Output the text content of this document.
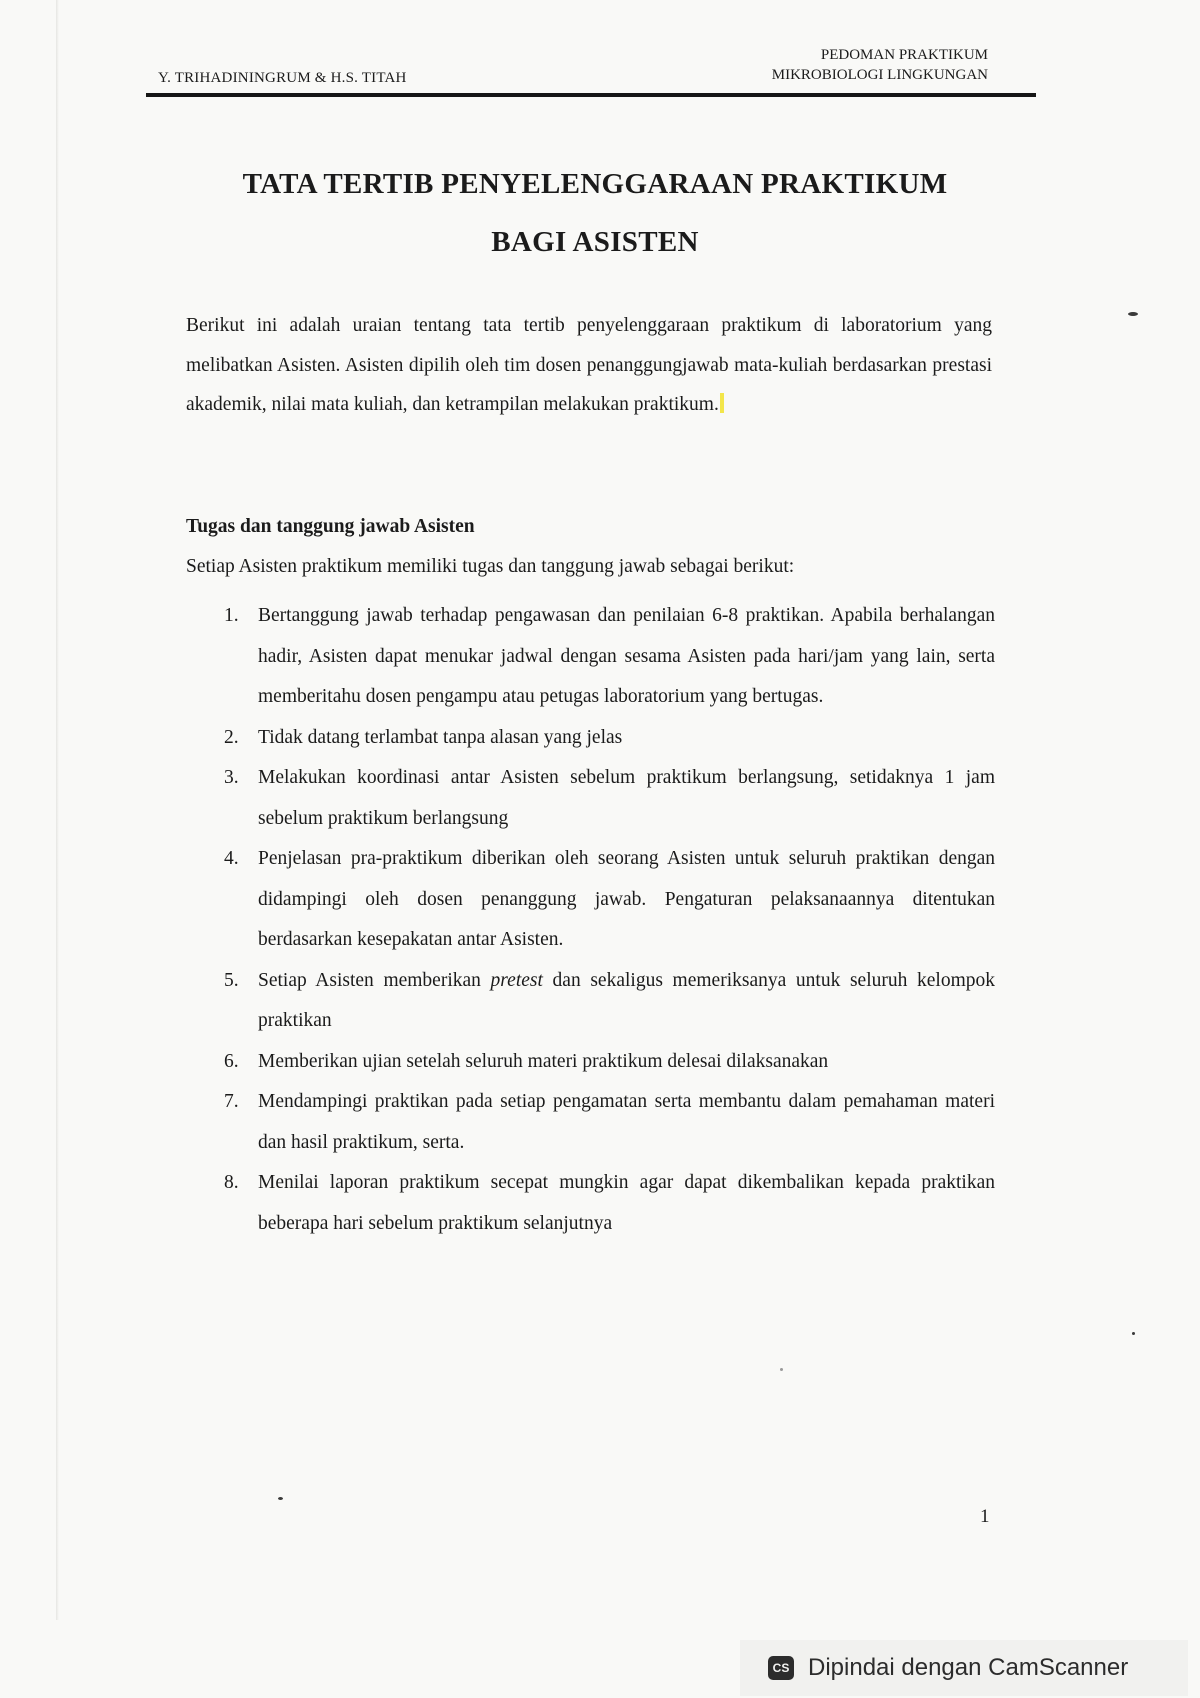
Y. TRIHADININGRUM & H.S. TITAH
PEDOMAN PRAKTIKUM
MIKROBIOLOGI LINGKUNGAN
TATA TERTIB PENYELENGGARAAN PRAKTIKUM
BAGI ASISTEN
Berikut ini adalah uraian tentang tata tertib penyelenggaraan praktikum di laboratorium yang melibatkan Asisten. Asisten dipilih oleh tim dosen penanggungjawab mata-kuliah berdasarkan prestasi akademik, nilai mata kuliah, dan ketrampilan melakukan praktikum.
Tugas dan tanggung jawab Asisten
Setiap Asisten praktikum memiliki tugas dan tanggung jawab sebagai berikut:
1. Bertanggung jawab terhadap pengawasan dan penilaian 6-8 praktikan. Apabila berhalangan hadir, Asisten dapat menukar jadwal dengan sesama Asisten pada hari/jam yang lain, serta memberitahu dosen pengampu atau petugas laboratorium yang bertugas.
2. Tidak datang terlambat tanpa alasan yang jelas
3. Melakukan koordinasi antar Asisten sebelum praktikum berlangsung, setidaknya 1 jam sebelum praktikum berlangsung
4. Penjelasan pra-praktikum diberikan oleh seorang Asisten untuk seluruh praktikan dengan didampingi oleh dosen penanggung jawab. Pengaturan pelaksanaannya ditentukan berdasarkan kesepakatan antar Asisten.
5. Setiap Asisten memberikan pretest dan sekaligus memeriksanya untuk seluruh kelompok praktikan
6. Memberikan ujian setelah seluruh materi praktikum delesai dilaksanakan
7. Mendampingi praktikan pada setiap pengamatan serta membantu dalam pemahaman materi dan hasil praktikum, serta.
8. Menilai laporan praktikum secepat mungkin agar dapat dikembalikan kepada praktikan beberapa hari sebelum praktikum selanjutnya
1
CS Dipindai dengan CamScanner
